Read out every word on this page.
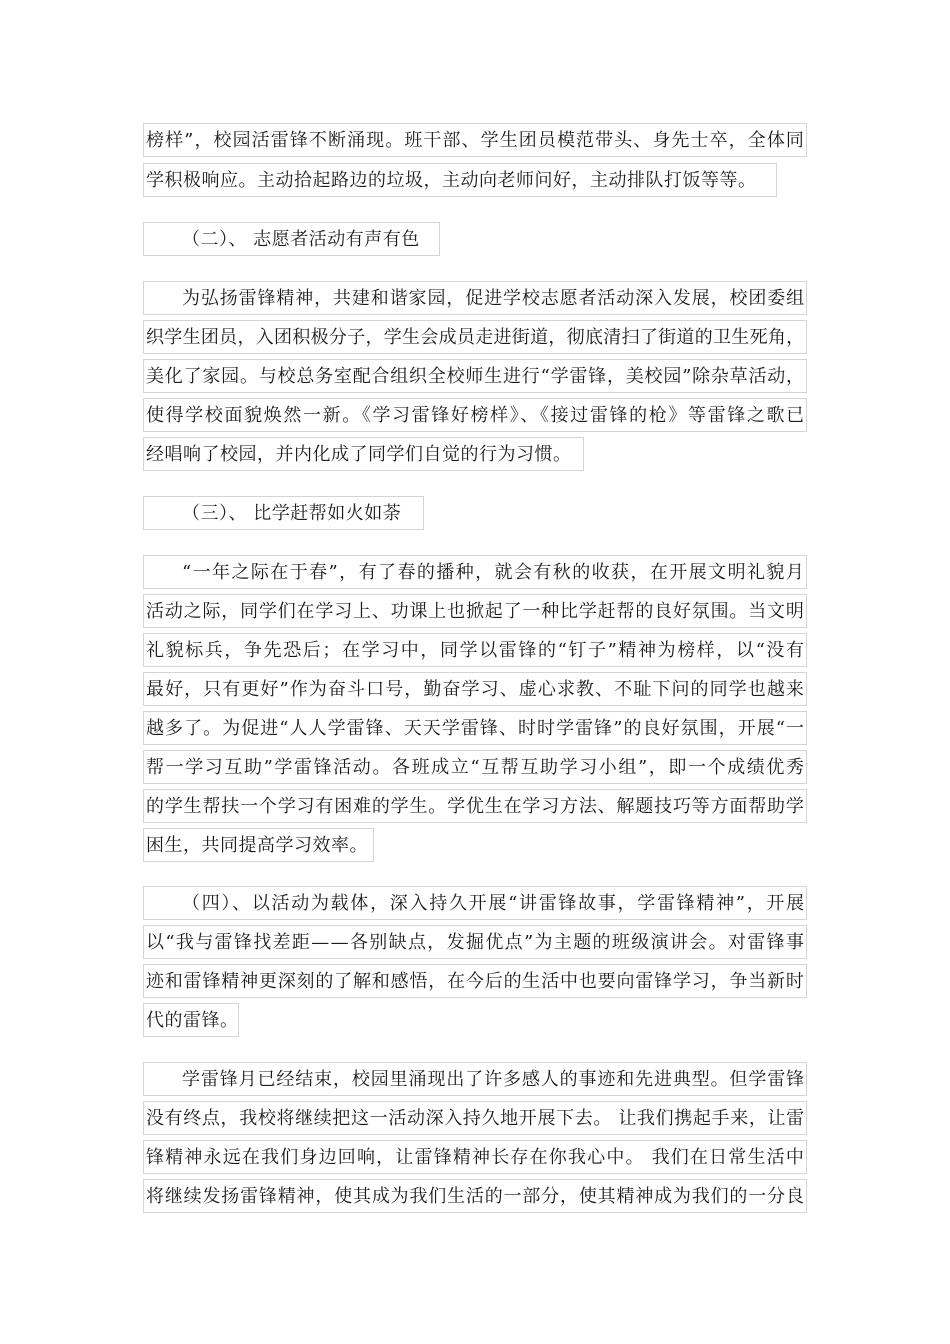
榜样”，校园活雷锋不断涌现。班干部、学生团员模范带头、身先士卒，全体同
学积极响应。主动拾起路边的垃圾，主动向老师问好，主动排队打饭等等。
（二）、 志愿者活动有声有色
为弘扬雷锋精神，共建和谐家园，促进学校志愿者活动深入发展，校团委组
织学生团员，入团积极分子，学生会成员走进街道，彻底清扫了街道的卫生死角，
美化了家园。与校总务室配合组织全校师生进行“学雷锋，美校园”除杂草活动，
使得学校面貌焕然一新。《学习雷锋好榜样》、《接过雷锋的枪》等雷锋之歌已
经唱响了校园，并内化成了同学们自觉的行为习惯。
（三）、 比学赶帮如火如荼
“一年之际在于春”，有了春的播种，就会有秋的收获，在开展文明礼貌月
活动之际，同学们在学习上、功课上也掀起了一种比学赶帮的良好氛围。当文明
礼貌标兵，争先恐后；在学习中，同学以雷锋的“钉子”精神为榜样，以“没有
最好，只有更好”作为奋斗口号，勤奋学习、虚心求教、不耻下问的同学也越来
越多了。为促进“人人学雷锋、天天学雷锋、时时学雷锋”的良好氛围，开展“一
帮一学习互助”学雷锋活动。各班成立“互帮互助学习小组”，即一个成绩优秀
的学生帮扶一个学习有困难的学生。学优生在学习方法、解题技巧等方面帮助学
困生，共同提高学习效率。
（四）、以活动为载体，深入持久开展“讲雷锋故事，学雷锋精神”，开展
以“我与雷锋找差距——各别缺点，发掘优点”为主题的班级演讲会。对雷锋事
迹和雷锋精神更深刻的了解和感悟，在今后的生活中也要向雷锋学习，争当新时
代的雷锋。
学雷锋月已经结束，校园里涌现出了许多感人的事迹和先进典型。但学雷锋
没有终点，我校将继续把这一活动深入持久地开展下去。 让我们携起手来，让雷
锋精神永远在我们身边回响，让雷锋精神长存在你我心中。 我们在日常生活中
将继续发扬雷锋精神，使其成为我们生活的一部分，使其精神成为我们的一分良
